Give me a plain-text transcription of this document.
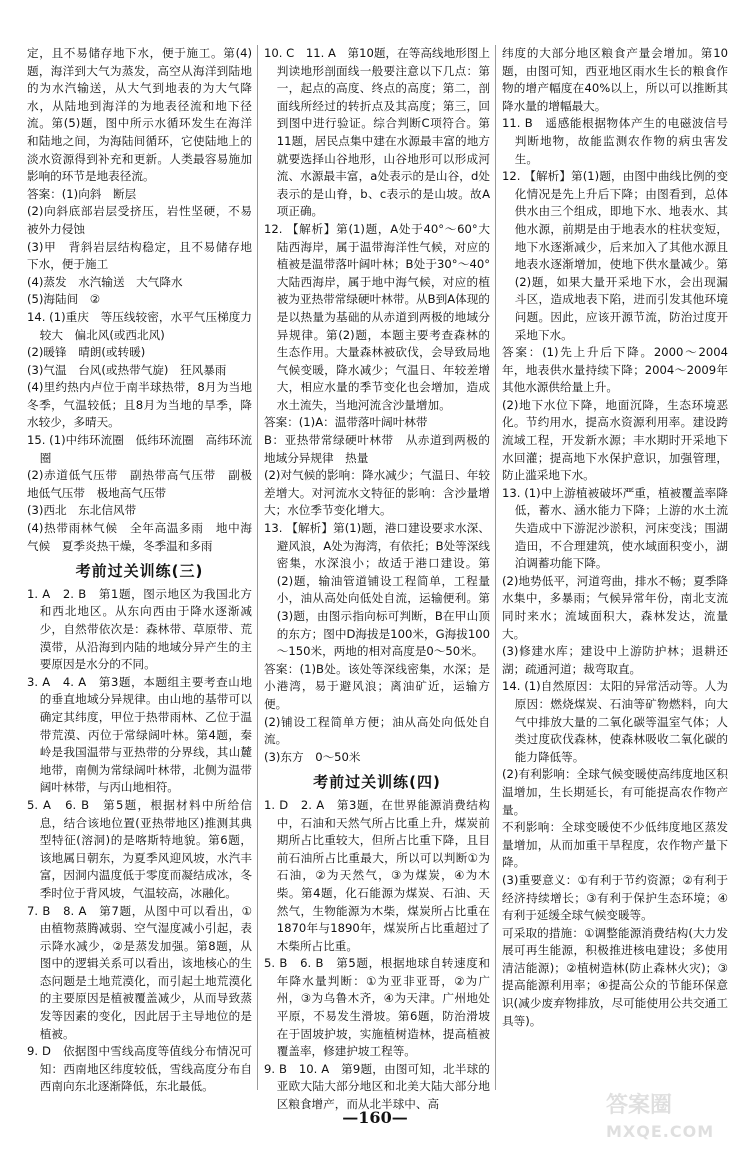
定，且不易储存地下水，便于施工。第(4)题，海洋到大气为蒸发，高空从海洋到陆地的为水汽输送，从大气到地表的为大气降水，从陆地到海洋的为地表径流和地下径流。第(5)题，图中所示水循环发生在海洋和陆地之间，为海陆间循环，它使陆地上的淡水资源得到补充和更新。人类最容易施加影响的环节是地表径流。

答案：(1)向斜　断层

(2)向斜底部岩层受挤压，岩性坚硬，不易被外力侵蚀

(3)甲　背斜岩层结构稳定，且不易储存地下水，便于施工

(4)蒸发　水汽输送　大气降水

(5)海陆间　②

14. (1)重庆　等压线较密，水平气压梯度力较大　偏北风(或西北风)

(2)暖锋　晴朗(或转暖)

(3)气温　台风(或热带气旋)　狂风暴雨

(4)里约热内卢位于南半球热带，8月为当地冬季，气温较低；且8月为当地的旱季，降水较少，多晴天。

15. (1)中纬环流圈　低纬环流圈　高纬环流圈

(2)赤道低气压带　副热带高气压带　副极地低气压带　极地高气压带

(3)西北　东北信风带

(4)热带雨林气候　全年高温多雨　地中海气候　夏季炎热干燥，冬季温和多雨

考前过关训练(三)

1. A　2. B　第1题，图示地区为我国北方和西北地区。从东向西由于降水逐渐减少，自然带依次是：森林带、草原带、荒漠带，从沿海到内陆的地域分异产生的主要原因是水分的不同。

3. A　4. A　第3题，本题组主要考查山地的垂直地域分异规律。由山地的基带可以确定其纬度，甲位于热带雨林、乙位于温带荒漠、丙位于常绿阔叶林。第4题，秦岭是我国温带与亚热带的分界线，其山麓地带，南侧为常绿阔叶林带，北侧为温带阔叶林带，与丙山地相符。

5. A　6. B　第5题，根据材料中所给信息，结合该地位置(亚热带地区)推测其典型特征(溶洞)的是喀斯特地貌。第6题，该地属日朝东，为夏季风迎风坡，水汽丰富，因洞内温度低于零度而凝结成冰，冬季时位于背风坡，气温较高，冰融化。

7. B　8. A　第7题，从图中可以看出，①由植物蒸腾减弱、空气湿度减小引起，表示降水减少，②是蒸发加强。第8题，从图中的逻辑关系可以看出，该地核心的生态问题是土地荒漠化，而引起土地荒漠化的主要原因是植被覆盖减少，从而导致蒸发等因素的变化，因此居于主导地位的是植被。

9. D　依据图中雪线高度等值线分布情况可知：西南地区纬度较低，雪线高度分布自西南向东北逐渐降低，东北最低。

10. C　11. A　第10题，在等高线地形图上判读地形剖面线一般要注意以下几点：第一，起点的高度、终点的高度；第二，剖面线所经过的转折点及其高度；第三，回到图中进行验证。综合判断C项符合。第11题，居民点集中建在水源最丰富的地方就要选择山谷地形，山谷地形可以形成河流、水源最丰富，a处表示的是山谷，d处表示的是山脊，b、c表示的是山坡。故A项正确。

12. 【解析】第(1)题，A处于40°～60°大陆西海岸，属于温带海洋性气候，对应的植被是温带落叶阔叶林；B处于30°～40°大陆西海岸，属于地中海气候，对应的植被为亚热带常绿硬叶林带。从B到A体现的是以热量为基础的从赤道到两极的地域分异规律。第(2)题，本题主要考查森林的生态作用。大量森林被砍伐，会导致局地气候变暖，降水减少；气温日、年较差增大，相应水量的季节变化也会增加，造成水土流失，当地河流含沙量增加。

答案：(1)A：温带落叶阔叶林带

B：亚热带常绿硬叶林带　从赤道到两极的地域分异规律　热量

(2)对气候的影响：降水减少；气温日、年较差增大。对河流水文特征的影响：含沙量增大；水位季节变化增大。

13. 【解析】第(1)题，港口建设要求水深、避风浪，A处为海湾，有依托；B处等深线密集，水深浪小；故适于港口建设。第(2)题，输油管道铺设工程简单，工程量小，油从高处向低处自流，运输便利。第(3)题，由图示指向标可判断，B在甲山顶的东方；图中D海拔是100米，G海拔100～150米，两地的相对高度是0～50米。

答案：(1)B处。该处等深线密集，水深；是小港湾，易于避风浪；离油矿近，运输方便。

(2)铺设工程简单方便；油从高处向低处自流。

(3)东方　0～50米

考前过关训练(四)

1. D　2. A　第3题，在世界能源消费结构中，石油和天然气所占比重上升，煤炭前期所占比重较大，但所占比重下降，且目前石油所占比重最大，所以可以判断①为石油，②为天然气，③为煤炭，④为木柴。第4题，化石能源为煤炭、石油、天然气，生物能源为木柴，煤炭所占比重在1870年与1890年，煤炭所占比重超过了木柴所占比重。

5. B　6. B　第5题，根据地球自转速度和年降水量判断：①为亚非亚哥，②为广州，③为乌鲁木齐，④为天津。广州地处平原，不易发生滑坡。第6题，防治滑坡在于固坡护坡，实施植树造林，提高植被覆盖率，修建护坡工程等。

9. B　10. A　第9题，由图可知，北半球的亚欧大陆大部分地区和北美大陆大部分地区粮食增产，而从北半球中、高

纬度的大部分地区粮食产量会增加。第10题，由图可知，西亚地区雨水生长的粮食作物的增产幅度在40%以上，所以可以推断其降水量的增幅最大。

11. B　遥感能根据物体产生的电磁波信号判断地物，故能监测农作物的病虫害发生。

12. 【解析】第(1)题，由图中曲线比例的变化情况是先上升后下降；由图看到，总体供水由三个组成，即地下水、地表水、其他水源，前期是由于地表水的柱状变短，地下水逐渐减少，后来加入了其他水源且地表水逐渐增加，使地下供水量减少。第(2)题，如果大量开采地下水，会出现漏斗区，造成地表下陷，进而引发其他环境问题。因此，应该开源节流，防治过度开采地下水。

答案：(1)先上升后下降。2000～2004年，地表供水量持续下降；2004～2009年其他水源供给量上升。

(2)地下水位下降，地面沉降，生态环境恶化。节约用水，提高水资源利用率。建设跨流域工程，开发新水源；丰水期时开采地下水回灌；提高地下水保护意识，加强管理，防止滥采地下水。

13. (1)中上游植被破坏严重，植被覆盖率降低，蓄水、涵水能力下降；上游的水土流失造成中下游泥沙淤积，河床变浅；围湖造田，不合理建筑，使水域面积变小，湖泊调蓄功能下降。

(2)地势低平，河道弯曲，排水不畅；夏季降水集中，多暴雨；气候异常年份，南北支流同时来水；流域面积大，森林发达，流量大。

(3)修建水库；建设中上游防护林；退耕还湖；疏通河道；裁弯取直。

14. (1)自然原因：太阳的异常活动等。人为原因：燃烧煤炭、石油等矿物燃料，向大气中排放大量的二氧化碳等温室气体；人类过度砍伐森林，使森林吸收二氧化碳的能力降低等。

(2)有利影响：全球气候变暖使高纬度地区积温增加，生长期延长，有可能提高农作物产量。

不利影响：全球变暖使不少低纬度地区蒸发量增加，从而加重干旱程度，农作物产量下降。

(3)重要意义：①有利于节约资源；②有利于经济持续增长；③有利于保护生态环境；④有利于延缓全球气候变暖等。

可采取的措施：①调整能源消费结构(大力发展可再生能源，积极推进核电建设；多使用清洁能源)；②植树造林(防止森林火灾)；③提高能源利用率；④提高公众的节能环保意识(减少废弃物排放，尽可能使用公共交通工具等)。

—160—	答案圈
MXQE.COM
